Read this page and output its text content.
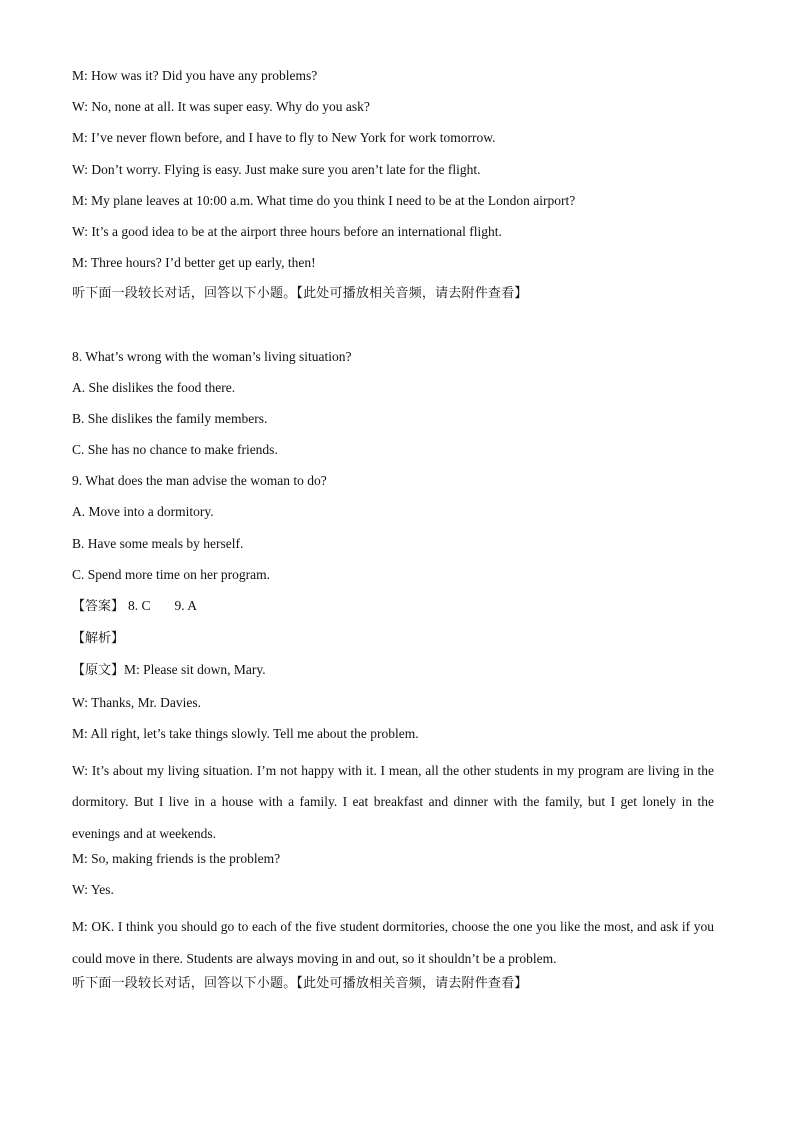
M: How was it? Did you have any problems?

W: No, none at all. It was super easy. Why do you ask?

M: I’ve never flown before, and I have to fly to New York for work tomorrow.

W: Don’t worry. Flying is easy. Just make sure you aren’t late for the flight.

M: My plane leaves at 10:00 a.m. What time do you think I need to be at the London airport?

W: It’s a good idea to be at the airport three hours before an international flight.

M: Three hours? I’d better get up early, then!

听下面一段较长对话，回答以下小题。【此处可播放相关音频，请去附件查看】

8. What’s wrong with the woman’s living situation?

A. She dislikes the food there.

B. She dislikes the family members.

C. She has no chance to make friends.

9. What does the man advise the woman to do?

A. Move into a dormitory.

B. Have some meals by herself.

C. Spend more time on her program.

【答案】 8. C 9. A

【解析】

【原文】M: Please sit down, Mary.

W: Thanks, Mr. Davies.

M: All right, let’s take things slowly. Tell me about the problem.

W: It’s about my living situation. I’m not happy with it. I mean, all the other students in my program are living in the dormitory. But I live in a house with a family. I eat breakfast and dinner with the family, but I get lonely in the evenings and at weekends.

M: So, making friends is the problem?

W: Yes.

M: OK. I think you should go to each of the five student dormitories, choose the one you like the most, and ask if you could move in there. Students are always moving in and out, so it shouldn’t be a problem.

听下面一段较长对话，回答以下小题。【此处可播放相关音频，请去附件查看】
